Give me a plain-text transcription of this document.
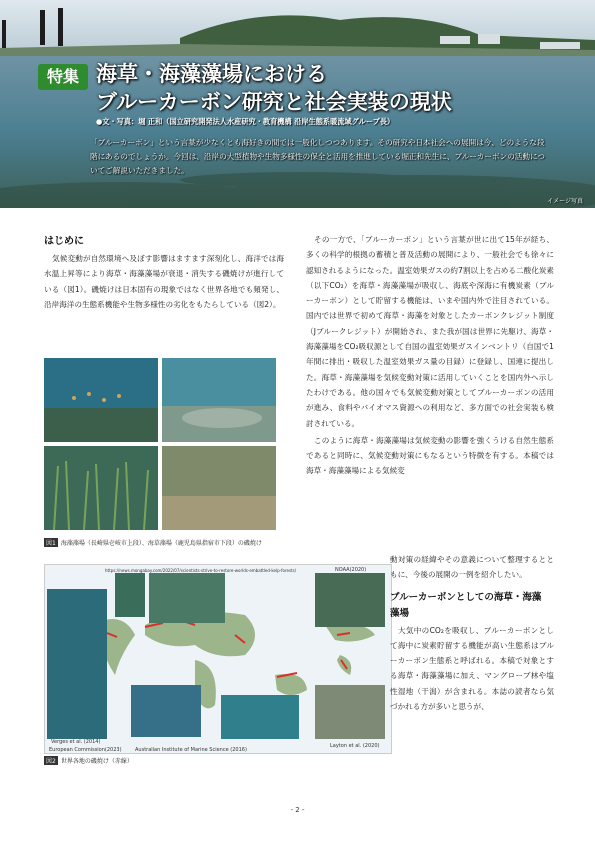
特集 海草・海藻藻場における
ブルーカーボン研究と社会実装の現状
●文・写真：堀 正和（国立研究開発法人水産研究・教育機構 沿岸生態系暖流域グループ長）
「ブルーカーボン」という言葉が少なくとも海好きの間では一般化しつつあります。その研究や日本社会への展開は今、どのような段階にあるのでしょうか。今回は、沿岸の大型植物や生物多様性の保全と活用を推進している堀正和先生に、ブルーカーボンの活動についてご解説いただきました。
イメージ写真
はじめに

気候変動が自然環境へ及ぼす影響はますます深刻化し、海洋では海水温上昇等により海草・海藻藻場が衰退・消失する磯焼けが進行している（図1）。磯焼けは日本固有の現象ではなく世界各地でも頻発し、沿岸海洋の生態系機能や生物多様性の劣化をもたらしている（図2）。

図1 海藻藻場（長崎県壱岐市上段）、海草藻場（鹿児島県指宿市下段）の磯焼け

その一方で、「ブルーカーボン」という言葉が世に出て15年が経ち、多くの科学的根拠の蓄積と普及活動の展開により、一般社会でも徐々に認知されるようになった。温室効果ガスの約7割以上を占める二酸化炭素（以下CO₂）を海草・海藻藻場が吸収し、海底や深海に有機炭素（ブルーカーボン）として貯留する機能は、いまや国内外で注目されている。国内では世界で初めて海草・海藻を対象としたカーボンクレジット制度（Jブルークレジット）が開始され、また我が国は世界に先駆け、海草・海藻藻場をCO₂吸収源として自国の温室効果ガスインベントリ（自国で1年間に排出・吸収した温室効果ガス量の目録）に登録し、国連に提出した。海草・海藻藻場を気候変動対策に活用していくことを国内外へ示したわけである。他の国々でも気候変動対策としてブルーカーボンの活用が進み、食料やバイオマス資源への利用など、多方面での社会実装も検討されている。

このように海草・海藻藻場は気候変動の影響を強くうける自然生態系であると同時に、気候変動対策にもなるという特徴を有する。本稿では海草・海藻藻場による気候変

https://news.mongabay.com/2022/07/scientists-strive-to-restore-worlds-embattled-kelp-forests/	NOAA(2020)
Verges et al. (2014)
European Commission(2023)	Australian Institute of Marine Science (2016)
Layton et al. (2020)
図2 世界各地の磯焼け（赤線）

動対策の経緯やその意義について整理するとともに、今後の展開の一例を紹介したい。

ブルーカーボンとしての海草・海藻
藻場

大気中のCO₂を吸収し、ブルーカーボンとして海中に炭素貯留する機能が高い生態系はブルーカーボン生態系と呼ばれる。本稿で対象とする海草・海藻藻場に加え、マングローブ林や塩性湿地（干潟）が含まれる。本誌の読者なら気づかれる方が多いと思うが、

- 2 -
